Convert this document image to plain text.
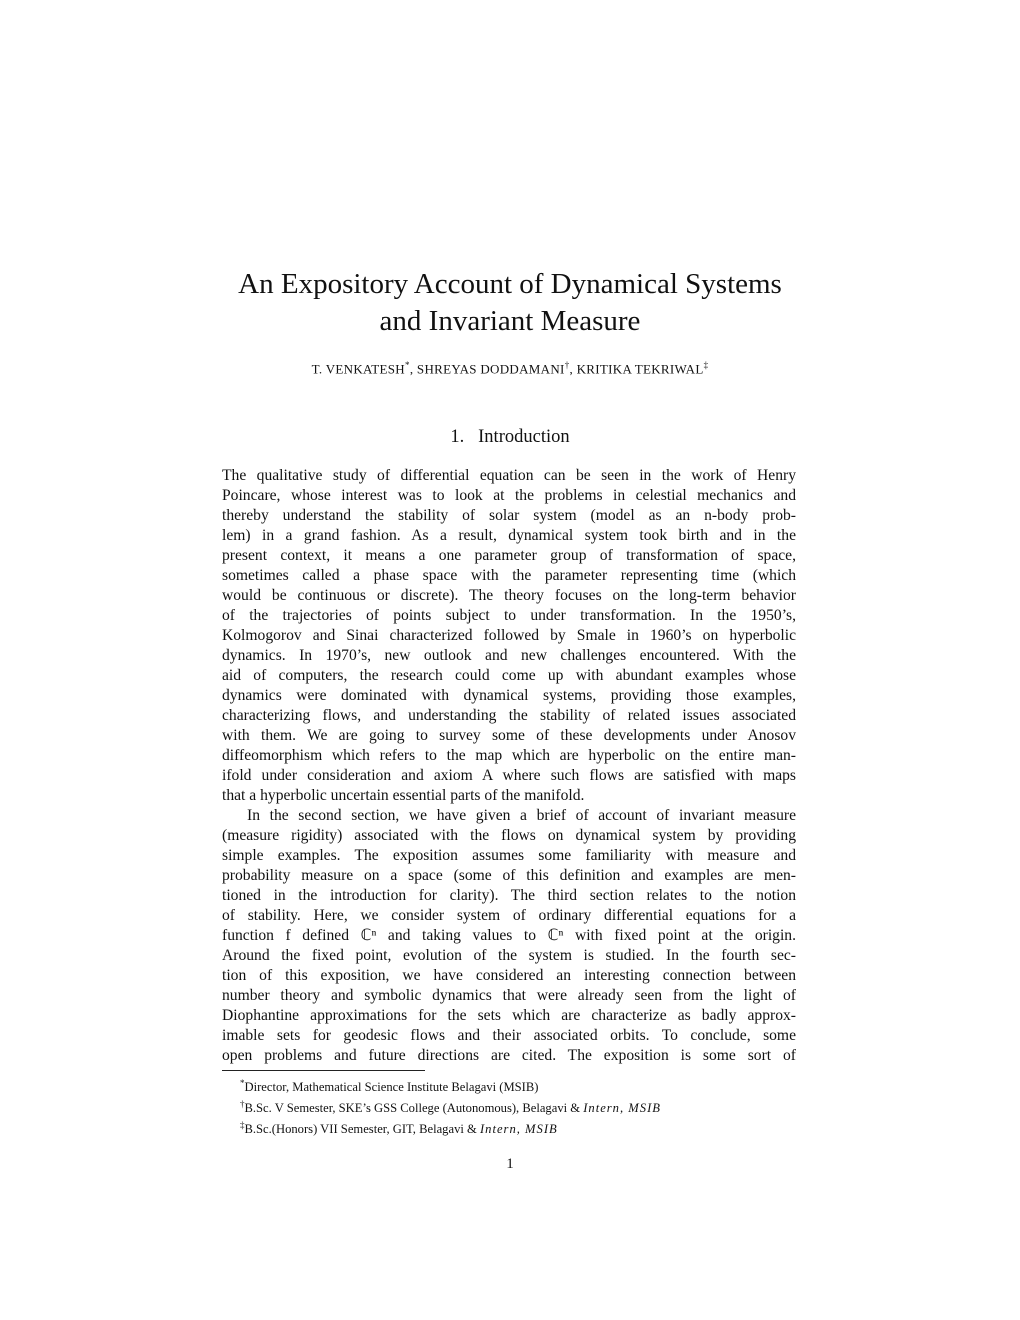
An Expository Account of Dynamical Systems
and Invariant Measure
T. VENKATESH*, SHREYAS DODDAMANI†, KRITIKA TEKRIWAL‡
1.   Introduction
The qualitative study of differential equation can be seen in the work of Henry
Poincare, whose interest was to look at the problems in celestial mechanics and
thereby understand the stability of solar system (model as an n-body prob-
lem) in a grand fashion. As a result, dynamical system took birth and in the
present context, it means a one parameter group of transformation of space,
sometimes called a phase space with the parameter representing time (which
would be continuous or discrete). The theory focuses on the long-term behavior
of the trajectories of points subject to under transformation. In the 1950’s,
Kolmogorov and Sinai characterized followed by Smale in 1960’s on hyperbolic
dynamics. In 1970’s, new outlook and new challenges encountered. With the
aid of computers, the research could come up with abundant examples whose
dynamics were dominated with dynamical systems, providing those examples,
characterizing flows, and understanding the stability of related issues associated
with them. We are going to survey some of these developments under Anosov
diffeomorphism which refers to the map which are hyperbolic on the entire man-
ifold under consideration and axiom A where such flows are satisfied with maps
that a hyperbolic uncertain essential parts of the manifold.
In the second section, we have given a brief of account of invariant measure
(measure rigidity) associated with the flows on dynamical system by providing
simple examples. The exposition assumes some familiarity with measure and
probability measure on a space (some of this definition and examples are men-
tioned in the introduction for clarity). The third section relates to the notion
of stability. Here, we consider system of ordinary differential equations for a
function f defined ℂⁿ and taking values to ℂⁿ with fixed point at the origin.
Around the fixed point, evolution of the system is studied. In the fourth sec-
tion of this exposition, we have considered an interesting connection between
number theory and symbolic dynamics that were already seen from the light of
Diophantine approximations for the sets which are characterize as badly approx-
imable sets for geodesic flows and their associated orbits. To conclude, some
open problems and future directions are cited. The exposition is some sort of
*Director, Mathematical Science Institute Belagavi (MSIB)
†B.Sc. V Semester, SKE’s GSS College (Autonomous), Belagavi & Intern, MSIB
‡B.Sc.(Honors) VII Semester, GIT, Belagavi & Intern, MSIB
1
